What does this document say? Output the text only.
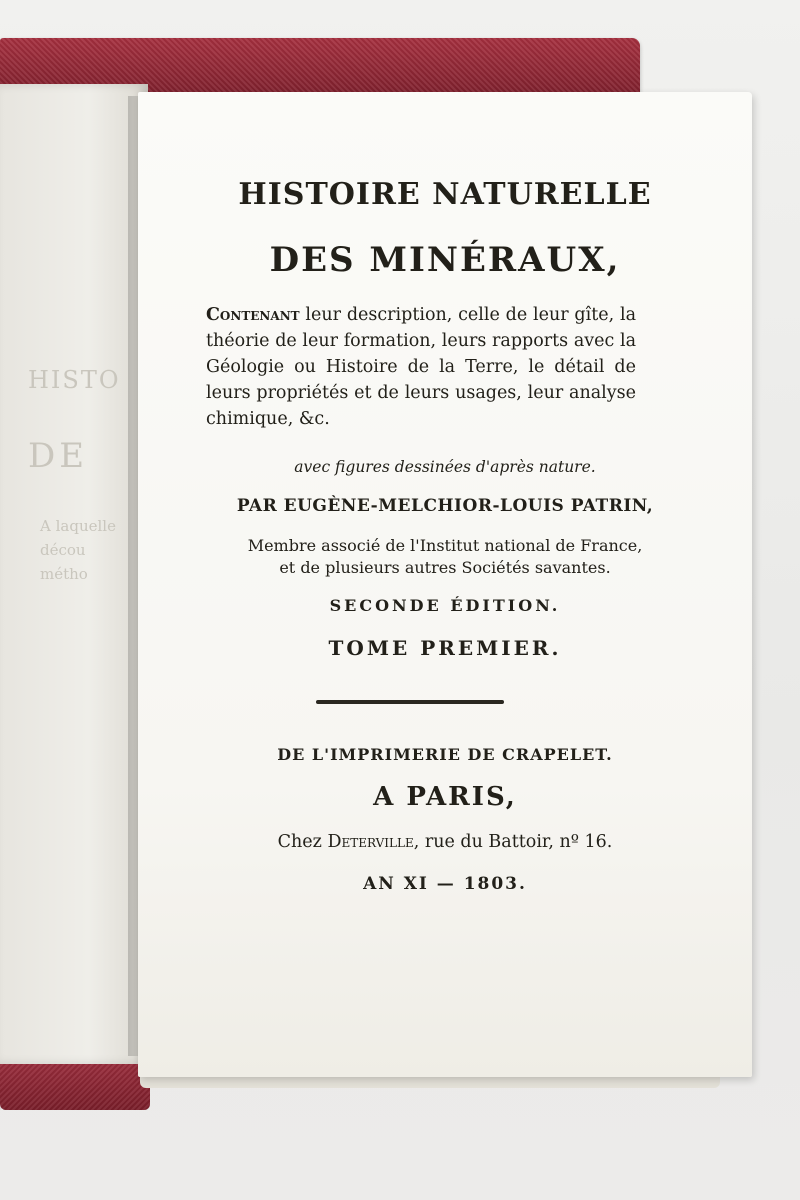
HISTO
DE
A laquelle
décou
métho
HISTOIRE NATURELLE
DES MINÉRAUX,
Contenant leur description, celle de leur gîte, la théorie de leur formation, leurs rapports avec la Géologie ou Histoire de la Terre, le détail de leurs propriétés et de leurs usages, leur analyse chimique, &c.
avec figures dessinées d'après nature.
PAR EUGÈNE-MELCHIOR-LOUIS PATRIN,
Membre associé de l'Institut national de France,
et de plusieurs autres Sociétés savantes.
SECONDE ÉDITION.
TOME PREMIER.
DE L'IMPRIMERIE DE CRAPELET.
A PARIS,
Chez Deterville, rue du Battoir, nº 16.
AN XI — 1803.
